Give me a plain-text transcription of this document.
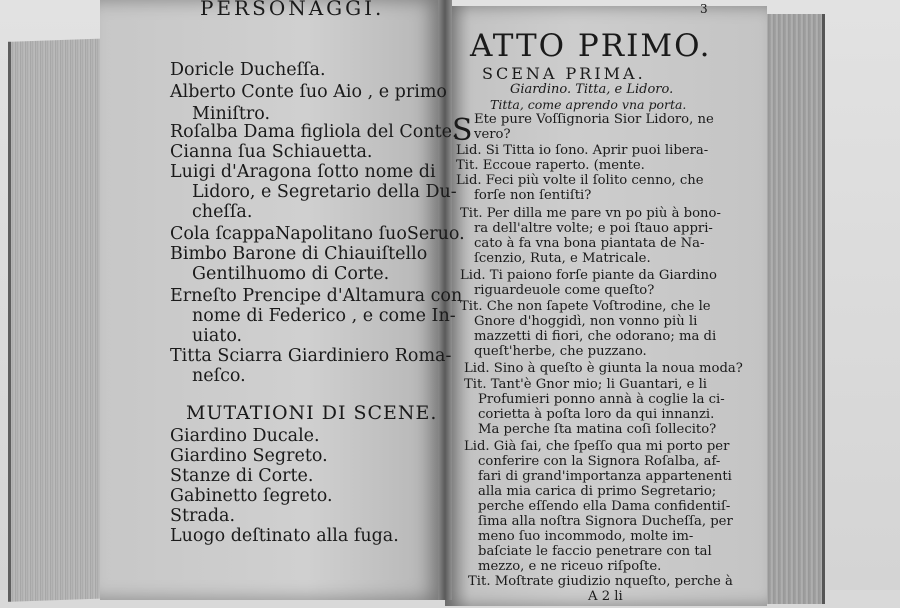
PERSONAGGI.
Doricle Ducheſſa.
Alberto Conte ſuo Aio , e primo
Miniſtro.
Roſalba Dama figliola del Conte.
Cianna ſua Schiauetta.
Luigi d'Aragona ſotto nome di
Lidoro, e Segretario della Du-
cheſſa.
Cola ſcappaNapolitano ſuoSeruo.
Bimbo Barone di Chiauiſtello
Gentilhuomo di Corte.
Erneſto Prencipe d'Altamura con
nome di Federico , e come In-
uiato.
Titta Sciarra Giardiniero Roma-
neſco.
MUTATIONI DI SCENE.
Giardino Ducale.
Giardino Segreto.
Stanze di Corte.
Gabinetto ſegreto.
Strada.
Luogo deſtinato alla fuga.
3
ATTO PRIMO.
SCENA PRIMA.
Giardino. Titta, e Lidoro.
Titta, come aprendo vna porta.
S Ete pure Voſſignoria Sior Lidoro, ne
vero?
Lid. Si Titta io ſono. Aprir puoi libera-
Tit. Eccoue raperto. (mente.
Lid. Feci più volte il ſolito cenno, che
forſe non ſentiſti?
Tit. Per dilla me pare vn po più à bono-
ra dell'altre volte; e poi ſtauo appri-
cato à fa vna bona piantata de Na-
ſcenzio, Ruta, e Matricale.
Lid. Ti paiono forſe piante da Giardino
riguardeuole come queſto?
Tit. Che non ſapete Voſtrodine, che le
Gnore d'hoggidì, non vonno più li
mazzetti di fiori, che odorano; ma di
queſt'herbe, che puzzano.
Lid. Sino à queſto è giunta la noua moda?
Tit. Tant'è Gnor mio; li Guantari, e li
Profumieri ponno annà à coglie la ci-
corietta à poſta loro da qui innanzi.
Ma perche ſta matina coſi ſollecito?
Lid. Già ſai, che ſpeſſo qua mi porto per
conferire con la Signora Roſalba, af-
fari di grand'importanza appartenenti
alla mia carica di primo Segretario;
perche eſſendo ella Dama confidentiſ-
ſima alla noſtra Signora Ducheſſa, per
meno ſuo incommodo, molte im-
baſciate le faccio penetrare con tal
mezzo, e ne riceuo riſpoſte.
Tit. Moſtrate giudizio nqueſto, perche à
A 2 li
